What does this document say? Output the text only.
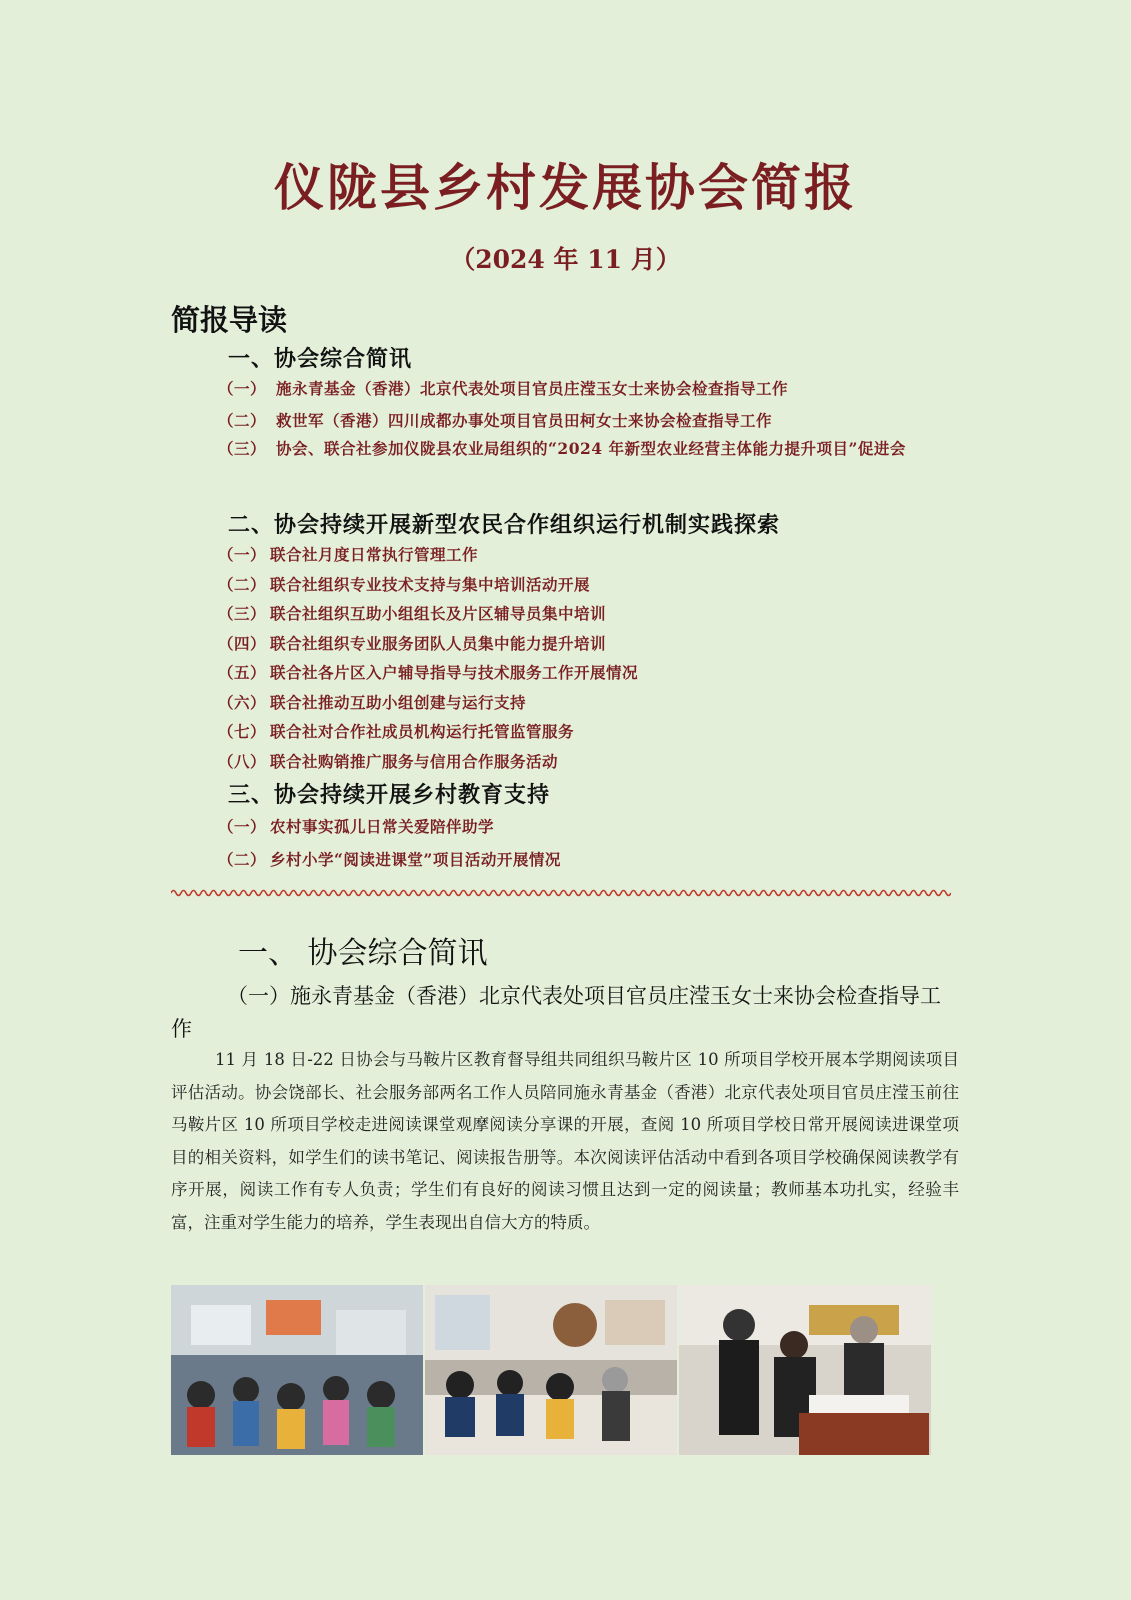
仪陇县乡村发展协会简报
（2024 年 11 月）
简报导读
一、协会综合简讯
（一） 施永青基金（香港）北京代表处项目官员庄滢玉女士来协会检查指导工作
（二） 救世军（香港）四川成都办事处项目官员田柯女士来协会检查指导工作
（三） 协会、联合社参加仪陇县农业局组织的“2024 年新型农业经营主体能力提升项目”促进会
二、协会持续开展新型农民合作组织运行机制实践探索
（一） 联合社月度日常执行管理工作
（二） 联合社组织专业技术支持与集中培训活动开展
（三） 联合社组织互助小组组长及片区辅导员集中培训
（四） 联合社组织专业服务团队人员集中能力提升培训
（五） 联合社各片区入户辅导指导与技术服务工作开展情况
（六） 联合社推动互助小组创建与运行支持
（七） 联合社对合作社成员机构运行托管监管服务
（八） 联合社购销推广服务与信用合作服务活动
三、协会持续开展乡村教育支持
（一） 农村事实孤儿日常关爱陪伴助学
（二） 乡村小学“阅读进课堂”项目活动开展情况
一、 协会综合简讯
（一）施永青基金（香港）北京代表处项目官员庄滢玉女士来协会检查指导工作
11 月 18 日-22 日协会与马鞍片区教育督导组共同组织马鞍片区 10 所项目学校开展本学期阅读项目评估活动。协会饶部长、社会服务部两名工作人员陪同施永青基金（香港）北京代表处项目官员庄滢玉前往马鞍片区 10 所项目学校走进阅读课堂观摩阅读分享课的开展，查阅 10 所项目学校日常开展阅读进课堂项目的相关资料，如学生们的读书笔记、阅读报告册等。本次阅读评估活动中看到各项目学校确保阅读教学有序开展，阅读工作有专人负责；学生们有良好的阅读习惯且达到一定的阅读量；教师基本功扎实，经验丰富，注重对学生能力的培养，学生表现出自信大方的特质。
